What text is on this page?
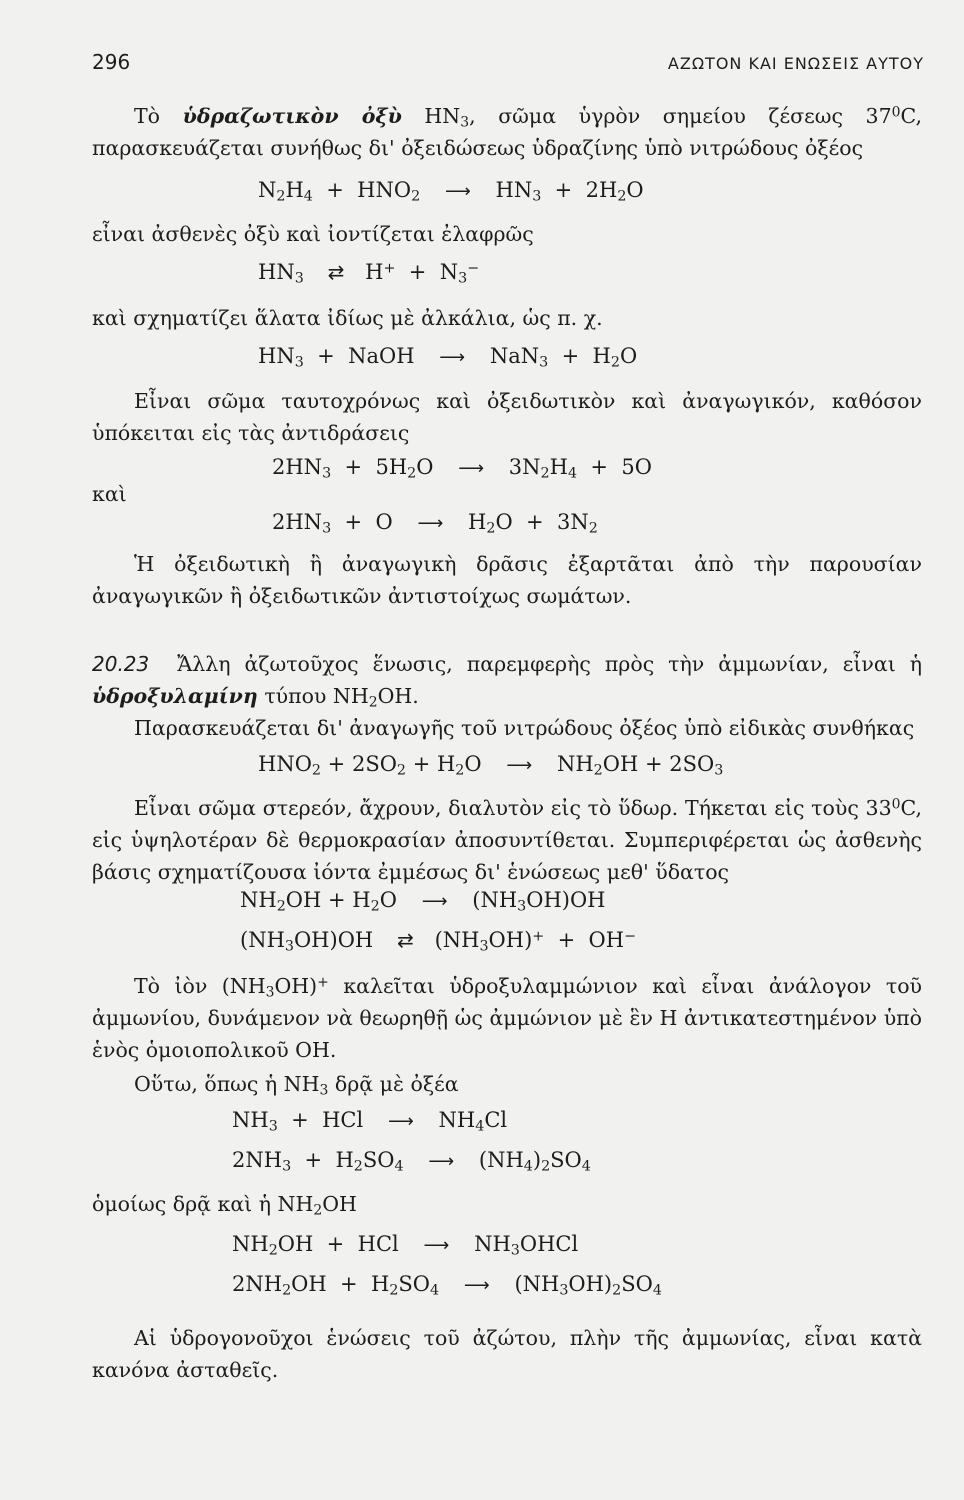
296	ΑΖΩΤΟΝ ΚΑΙ ΕΝΩΣΕΙΣ ΑΥΤΟΥ
Τὸ ὑδραζωτικὸν ὀξὺ $HN_3$, σῶμα ὑγρὸν σημείου ζέσεως $37^0C$, παρασκευάζεται συνήθως δι' ὀξειδώσεως ὑδραζίνης ὑπὸ νιτρώδους ὀξέος
$N_2H_4 + HNO_2$ ⟶ $HN_3 + 2H_2O$
εἶναι ἀσθενὲς ὀξὺ καὶ ἰοντίζεται ἐλαφρῶς
$HN_3$ ⇄ $H^+ + N_3^-$
καὶ σχηματίζει ἅλατα ἰδίως μὲ ἀλκάλια, ὡς π. χ.
$HN_3$ +  NaOH ⟶ $NaN_3 + H_2O$
Εἶναι σῶμα ταυτοχρόνως καὶ ὀξειδωτικὸν καὶ ἀναγωγικόν, καθόσον ὑπόκειται εἰς τὰς ἀντιδράσεις
$2HN_3 + 5H_2O$ ⟶ $3N_2H_4 + 5O$
καὶ
$2HN_3 + O$ ⟶ $H_2O + 3N_2$
Ἡ ὀξειδωτικὴ ἢ ἀναγωγικὴ δρᾶσις ἐξαρτᾶται ἀπὸ τὴν παρουσίαν ἀναγωγικῶν ἢ ὀξειδωτικῶν ἀντιστοίχως σωμάτων.
20.23 Ἄλλη ἀζωτοῦχος ἕνωσις, παρεμφερὴς πρὸς τὴν ἀμμωνίαν, εἶναι ἡ ὑδροξυλαμίνη τύπου $NH_2OH$.
Παρασκευάζεται δι' ἀναγωγῆς τοῦ νιτρώδους ὀξέος ὑπὸ εἰδικὰς συνθήκας
$HNO_2 + 2SO_2 + H_2O$ ⟶ $NH_2OH + 2SO_3$
Εἶναι σῶμα στερεόν, ἄχρουν, διαλυτὸν εἰς τὸ ὕδωρ. Τήκεται εἰς τοὺς $33^0C$, εἰς ὑψηλοτέραν δὲ θερμοκρασίαν ἀποσυντίθεται. Συμπεριφέρεται ὡς ἀσθενὴς βάσις σχηματίζουσα ἰόντα ἐμμέσως δι' ἑνώσεως μεθ' ὕδατος
$NH_2OH + H_2O$ ⟶ $(NH_3OH)OH$
$(NH_3OH)OH$ ⇄ $(NH_3OH)^+ + OH^-$
Τὸ ἰὸν $(NH_3OH)^+$ καλεῖται ὑδροξυλαμμώνιον καὶ εἶναι ἀνάλογον τοῦ ἀμμωνίου, δυνάμενον νὰ θεωρηθῇ ὡς ἀμμώνιον μὲ ἓν Η ἀντικατεστημένον ὑπὸ ἑνὸς ὁμοιοπολικοῦ ΟΗ.
Οὕτω, ὅπως ἡ $NH_3$ δρᾷ μὲ ὀξέα
$NH_3$ +  HCl ⟶ $NH_4Cl$
$2NH_3 + H_2SO_4$ ⟶ $(NH_4)_2SO_4$
ὁμοίως δρᾷ καὶ ἡ $NH_2OH$
$NH_2OH$  +  HCl ⟶ $NH_3OHCl$
$2NH_2OH + H_2SO_4$ ⟶ $(NH_3OH)_2SO_4$
Αἱ ὑδρογονοῦχοι ἑνώσεις τοῦ ἀζώτου, πλὴν τῆς ἀμμωνίας, εἶναι κατὰ κανόνα ἀσταθεῖς.
